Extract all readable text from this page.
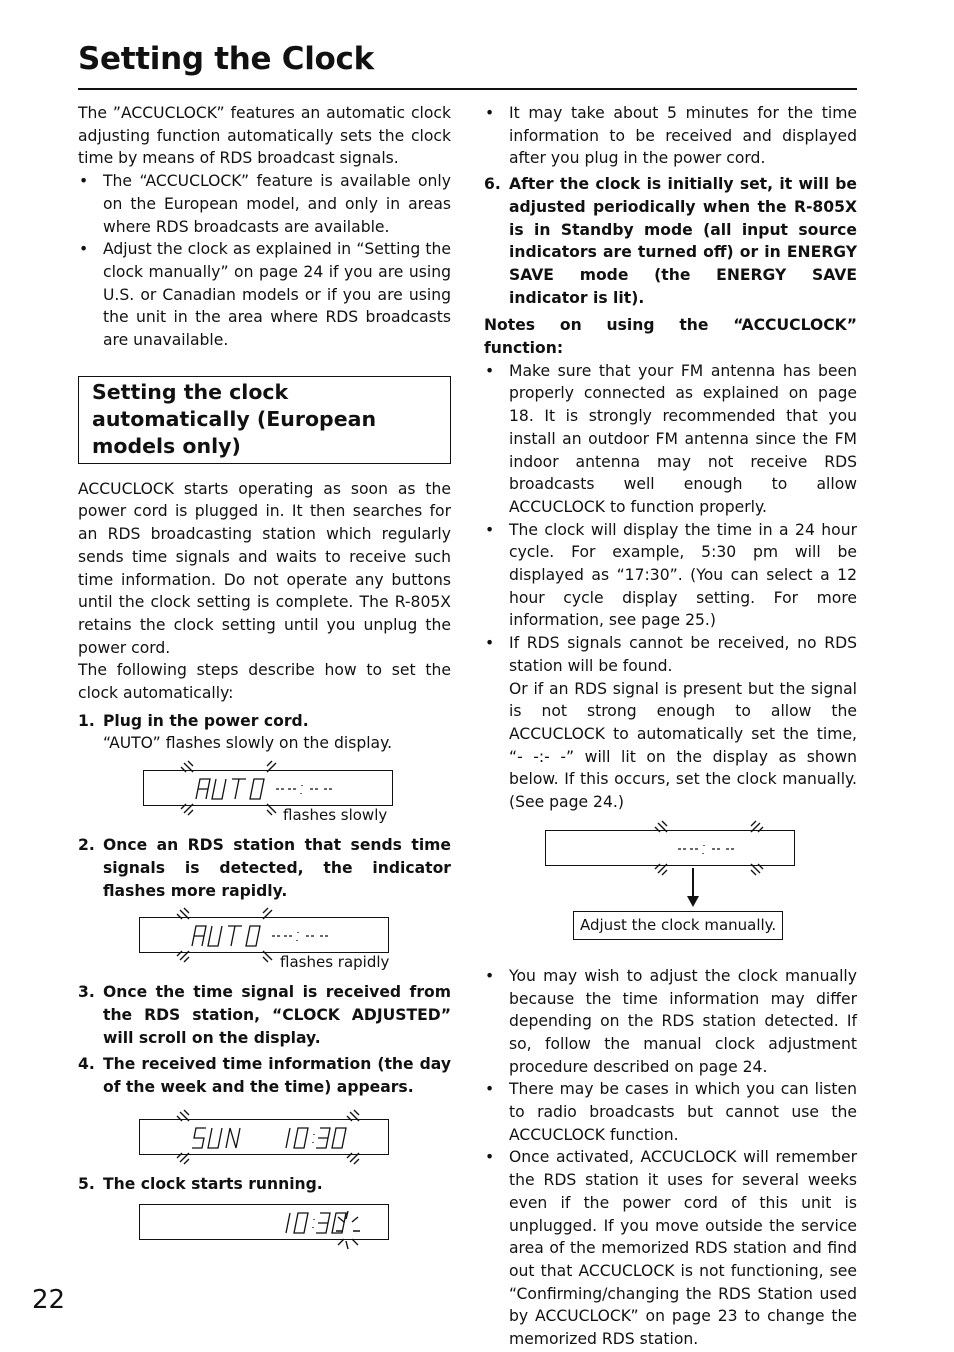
Setting the Clock

The ”ACCUCLOCK” features an automatic clock adjusting function automatically sets the clock time by means of RDS broadcast signals.

• The “ACCUCLOCK” feature is available only on the European model, and only in areas where RDS broadcasts are available.
• Adjust the clock as explained in “Setting the clock manually” on page 24 if you are using U.S. or Canadian models or if you are using the unit in the area where RDS broadcasts are unavailable.
Setting the clock automatically (European models only)

ACCUCLOCK starts operating as soon as the power cord is plugged in. It then searches for an RDS broadcasting station which regularly sends time signals and waits to receive such time information. Do not operate any buttons until the clock setting is complete. The R-805X retains the clock setting until you unplug the power cord.

The following steps describe how to set the clock automatically:

1. Plug in the power cord.
“AUTO” flashes slowly on the display.
flashes slowly
2. Once an RDS station that sends time signals is detected, the indicator flashes more rapidly.
flashes rapidly
3. Once the time signal is received from the RDS station, “CLOCK ADJUSTED” will scroll on the display.
4. The received time information (the day of the week and the time) appears.
5. The clock starts running.
• It may take about 5 minutes for the time information to be received and displayed after you plug in the power cord.
6. After the clock is initially set, it will be adjusted periodically when the R-805X is in Standby mode (all input source indicators are turned off) or in ENERGY SAVE mode (the ENERGY SAVE indicator is lit).

Notes on using the “ACCUCLOCK” function:

• Make sure that your FM antenna has been properly connected as explained on page 18. It is strongly recommended that you install an outdoor FM antenna since the FM indoor antenna may not receive RDS broadcasts well enough to allow ACCUCLOCK to function properly.
• The clock will display the time in a 24 hour cycle. For example, 5:30 pm will be displayed as “17:30”. (You can select a 12 hour cycle display setting. For more information, see page 25.)
• If RDS signals cannot be received, no RDS station will be found.
Or if an RDS signal is present but the signal is not strong enough to allow the ACCUCLOCK to automatically set the time, “- -:- -” will lit on the display as shown below. If this occurs, set the clock manually. (See page 24.)
Adjust the clock manually.
• You may wish to adjust the clock manually because the time information may differ depending on the RDS station detected. If so, follow the manual clock adjustment procedure described on page 24.
• There may be cases in which you can listen to radio broadcasts but cannot use the ACCUCLOCK function.
• Once activated, ACCUCLOCK will remember the RDS station it uses for several weeks even if the power cord of this unit is unplugged. If you move outside the service area of the memorized RDS station and find out that ACCUCLOCK is not functioning, see “Confirming/changing the RDS Station used by ACCUCLOCK” on page 23 to change the memorized RDS station.
22
